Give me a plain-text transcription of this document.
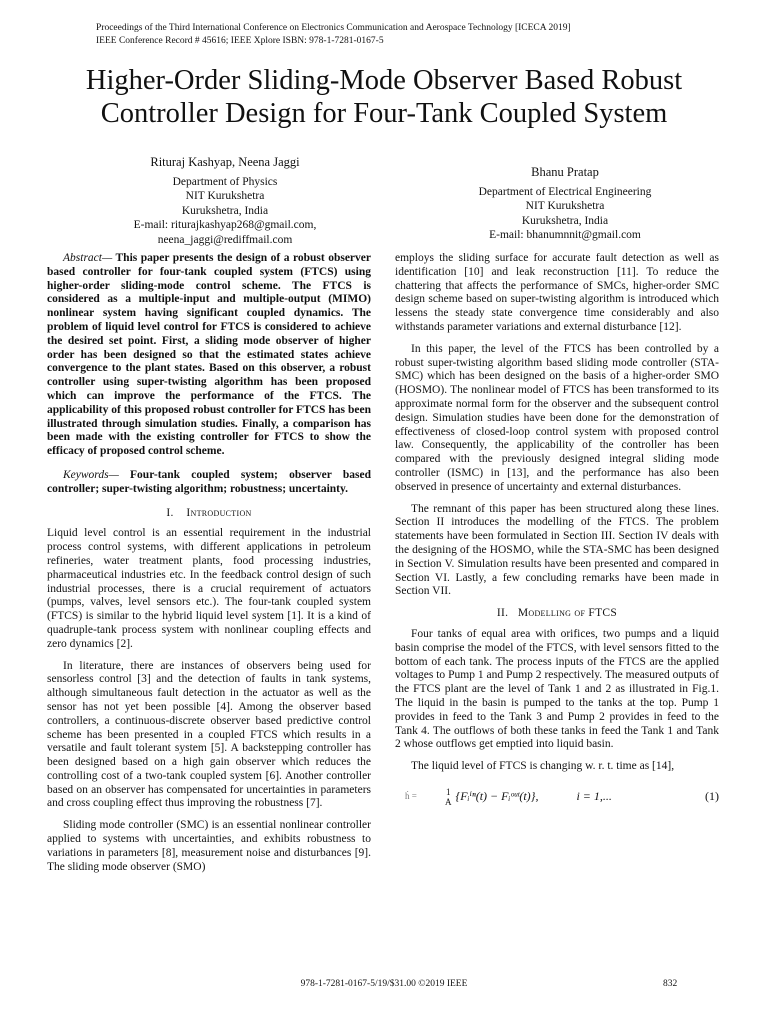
Proceedings of the Third International Conference on Electronics Communication and Aerospace Technology [ICECA 2019]
IEEE Conference Record # 45616; IEEE Xplore ISBN: 978-1-7281-0167-5
Higher-Order Sliding-Mode Observer Based Robust Controller Design for Four-Tank Coupled System
Rituraj Kashyap, Neena Jaggi
Department of Physics
NIT Kurukshetra
Kurukshetra, India
E-mail: riturajkashyap268@gmail.com,
neena_jaggi@rediffmail.com
Bhanu Pratap
Department of Electrical Engineering
NIT Kurukshetra
Kurukshetra, India
E-mail: bhanumnnit@gmail.com

Abstract— This paper presents the design of a robust observer based controller for four-tank coupled system (FTCS) using higher-order sliding-mode control scheme. The FTCS is considered as a multiple-input and multiple-output (MIMO) nonlinear system having significant coupled dynamics. The problem of liquid level control for FTCS is considered to achieve the desired set point. First, a sliding mode observer of higher order has been designed so that the estimated states achieve convergence to the plant states. Based on this observer, a robust controller using super-twisting algorithm has been proposed which can improve the performance of the FTCS. The applicability of this proposed robust controller for FTCS has been illustrated through simulation studies. Finally, a comparison has been made with the existing controller for FTCS to show the efficacy of proposed control scheme.

Keywords— Four-tank coupled system; observer based controller; super-twisting algorithm; robustness; uncertainty.

I. Introduction

Liquid level control is an essential requirement in the industrial process control systems, with different applications in petroleum refineries, water treatment plants, food processing industries, pharmaceutical industries etc. In the feedback control design of such industrial processes, there is a crucial requirement of actuators (pumps, valves, level sensors etc.). The four-tank coupled system (FTCS) is similar to the hybrid liquid level system [1]. It is a kind of quadruple-tank process system with nonlinear coupling effects and zero dynamics [2].

In literature, there are instances of observers being used for sensorless control [3] and the detection of faults in tank systems, although simultaneous fault detection in the actuator as well as the sensor has not yet been possible [4]. Among the observer based controllers, a continuous-discrete observer based predictive control scheme has been presented in a coupled FTCS which results in a versatile and fault tolerant system [5]. A backstepping controller has been designed based on a high gain observer which reduces the controlling cost of a two-tank coupled system [6]. Another controller based on an observer has compensated for uncertainties in parameters and cross coupling effect thus improving the robustness [7].

Sliding mode controller (SMC) is an essential nonlinear controller applied to systems with uncertainties, and exhibits robustness to variations in parameters [8], measurement noise and disturbances [9]. The sliding mode observer (SMO)

employs the sliding surface for accurate fault detection as well as identification [10] and leak reconstruction [11]. To reduce the chattering that affects the performance of SMCs, higher-order SMC design scheme based on super-twisting algorithm is introduced which lessens the steady state convergence time considerably and also withstands parameter variations and external disturbance [12].

In this paper, the level of the FTCS has been controlled by a robust super-twisting algorithm based sliding mode controller (STA-SMC) which has been designed on the basis of a higher-order SMO (HOSMO). The nonlinear model of FTCS has been transformed to its approximate normal form for the observer and the subsequent control design. Simulation studies have been done for the demonstration of effectiveness of closed-loop control system with proposed control law. Consequently, the applicability of the controller has been compared with the previously designed integral sliding mode controller (ISMC) in [13], and the performance has also been observed in presence of uncertainty and external disturbances.

The remnant of this paper has been structured along these lines. Section II introduces the modelling of the FTCS. The problem statements have been formulated in Section III. Section IV deals with the designing of the HOSMO, while the STA-SMC has been designed in Section V. Simulation results have been presented and compared in Section VI. Lastly, a few concluding remarks have been made in Section VII.

II. Modelling of FTCS

Four tanks of equal area with orifices, two pumps and a liquid basin comprise the model of the FTCS, with level sensors fitted to the bottom of each tank. The process inputs of the FTCS are the applied voltages to Pump 1 and Pump 2 respectively. The measured outputs of the FTCS plant are the level of Tank 1 and 2 as illustrated in Fig.1. The liquid in the basin is pumped to the tanks at the top. Pump 1 provides in feed to the Tank 3 and Pump 2 provides in feed to the Tank 4. The outflows of both these tanks in feed the Tank 1 and Tank 2 whose outflows get emptied into liquid basin.

The liquid level of FTCS is changing w. r. t. time as [14],

ḣ =	1
A {Fᵢⁱⁿ(t) − Fᵢᵒᵘᵗ(t)},	i = 1,...	(1)
978-1-7281-0167-5/19/$31.00 ©2019 IEEE	832
